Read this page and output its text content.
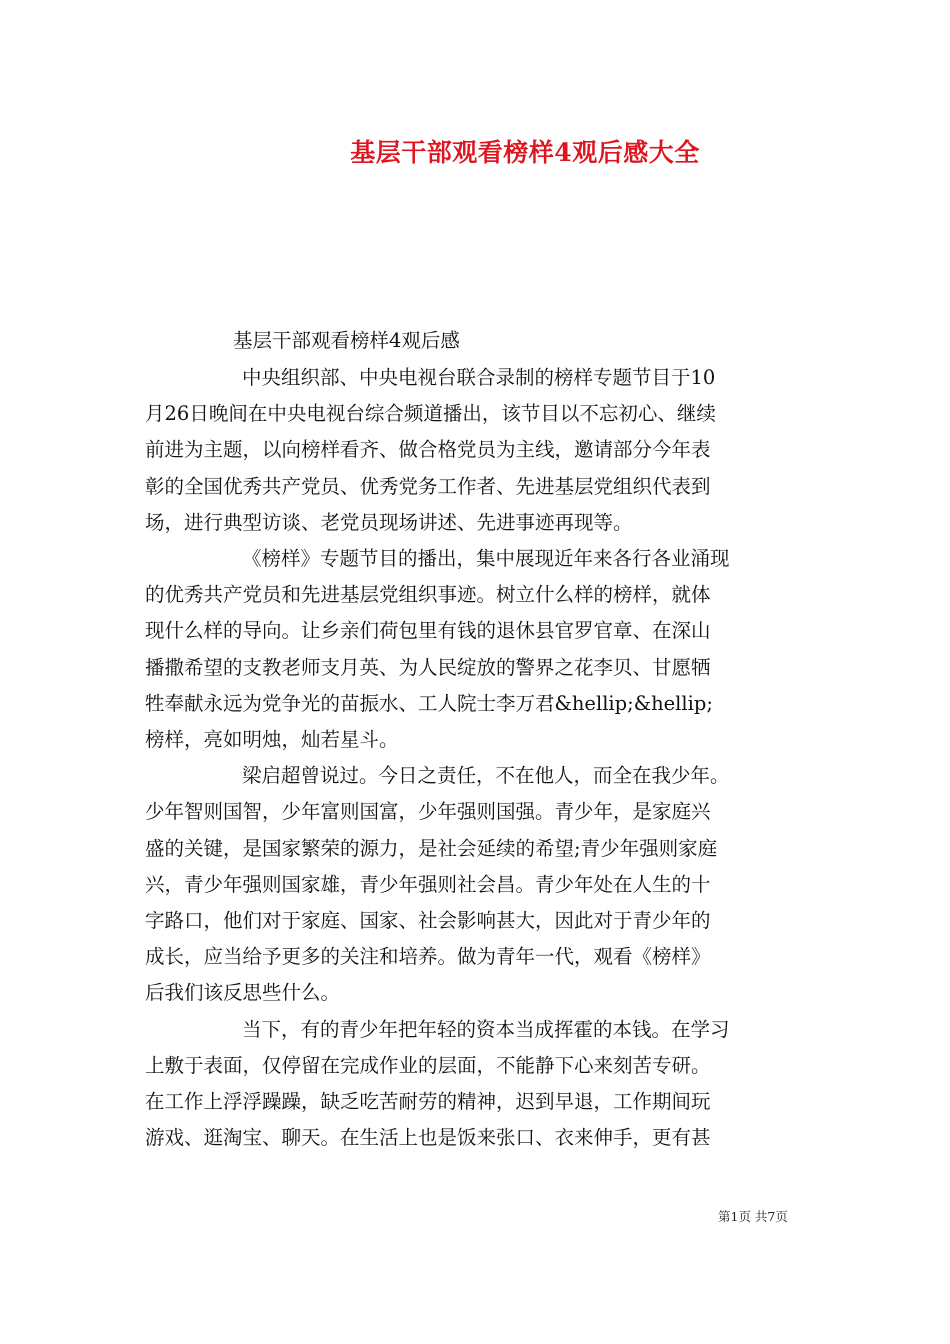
基层干部观看榜样4观后感大全

基层干部观看榜样4观后感

中央组织部、中央电视台联合录制的榜样专题节目于10
月26日晚间在中央电视台综合频道播出，该节目以不忘初心、继续
前进为主题，以向榜样看齐、做合格党员为主线，邀请部分今年表
彰的全国优秀共产党员、优秀党务工作者、先进基层党组织代表到
场，进行典型访谈、老党员现场讲述、先进事迹再现等。

《榜样》专题节目的播出，集中展现近年来各行各业涌现
的优秀共产党员和先进基层党组织事迹。树立什么样的榜样，就体
现什么样的导向。让乡亲们荷包里有钱的退休县官罗官章、在深山
播撒希望的支教老师支月英、为人民绽放的警界之花李贝、甘愿牺
牲奉献永远为党争光的苗振水、工人院士李万君&hellip;&hellip;
榜样，亮如明烛，灿若星斗。

梁启超曾说过。今日之责任，不在他人，而全在我少年。
少年智则国智，少年富则国富，少年强则国强。青少年，是家庭兴
盛的关键，是国家繁荣的源力，是社会延续的希望;青少年强则家庭
兴，青少年强则国家雄，青少年强则社会昌。青少年处在人生的十
字路口，他们对于家庭、国家、社会影响甚大，因此对于青少年的
成长，应当给予更多的关注和培养。做为青年一代，观看《榜样》
后我们该反思些什么。

当下，有的青少年把年轻的资本当成挥霍的本钱。在学习
上敷于表面，仅停留在完成作业的层面，不能静下心来刻苦专研。
在工作上浮浮躁躁，缺乏吃苦耐劳的精神，迟到早退，工作期间玩
游戏、逛淘宝、聊天。在生活上也是饭来张口、衣来伸手，更有甚

第1页 共7页
